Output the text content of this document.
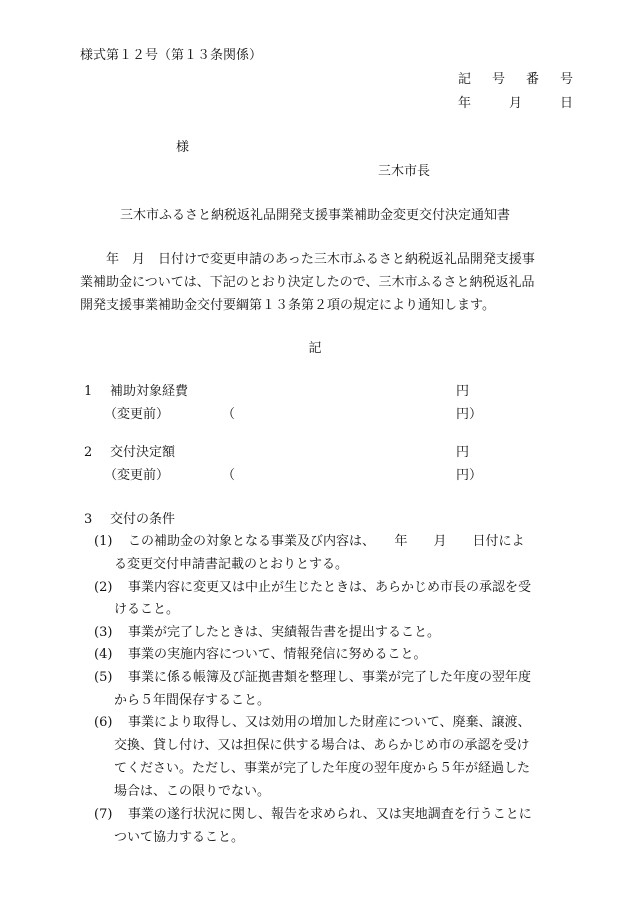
様式第１２号（第１３条関係）
記　号　番　号
年　　月　　日
様
三木市長
三木市ふるさと納税返礼品開発支援事業補助金変更交付決定通知書
　　年　月　日付けで変更申請のあった三木市ふるさと納税返礼品開発支援事
業補助金については、下記のとおり決定したので、三木市ふるさと納税返礼品
開発支援事業補助金交付要綱第１３条第２項の規定により通知します。
記
1 補助対象経費	円
（変更前）	（	円）
2 交付決定額	円
（変更前）	（	円）
3 交付の条件
(1) この補助金の対象となる事業及び内容は、　　年　　月　　日付によ
る変更交付申請書記載のとおりとする。
(2) 事業内容に変更又は中止が生じたときは、あらかじめ市長の承認を受
けること。
(3) 事業が完了したときは、実績報告書を提出すること。
(4) 事業の実施内容について、情報発信に努めること。
(5) 事業に係る帳簿及び証拠書類を整理し、事業が完了した年度の翌年度
から５年間保存すること。
(6) 事業により取得し、又は効用の増加した財産について、廃棄、譲渡、
交換、貸し付け、又は担保に供する場合は、あらかじめ市の承認を受け
てください。ただし、事業が完了した年度の翌年度から５年が経過した
場合は、この限りでない。
(7) 事業の遂行状況に関し、報告を求められ、又は実地調査を行うことに
ついて協力すること。
